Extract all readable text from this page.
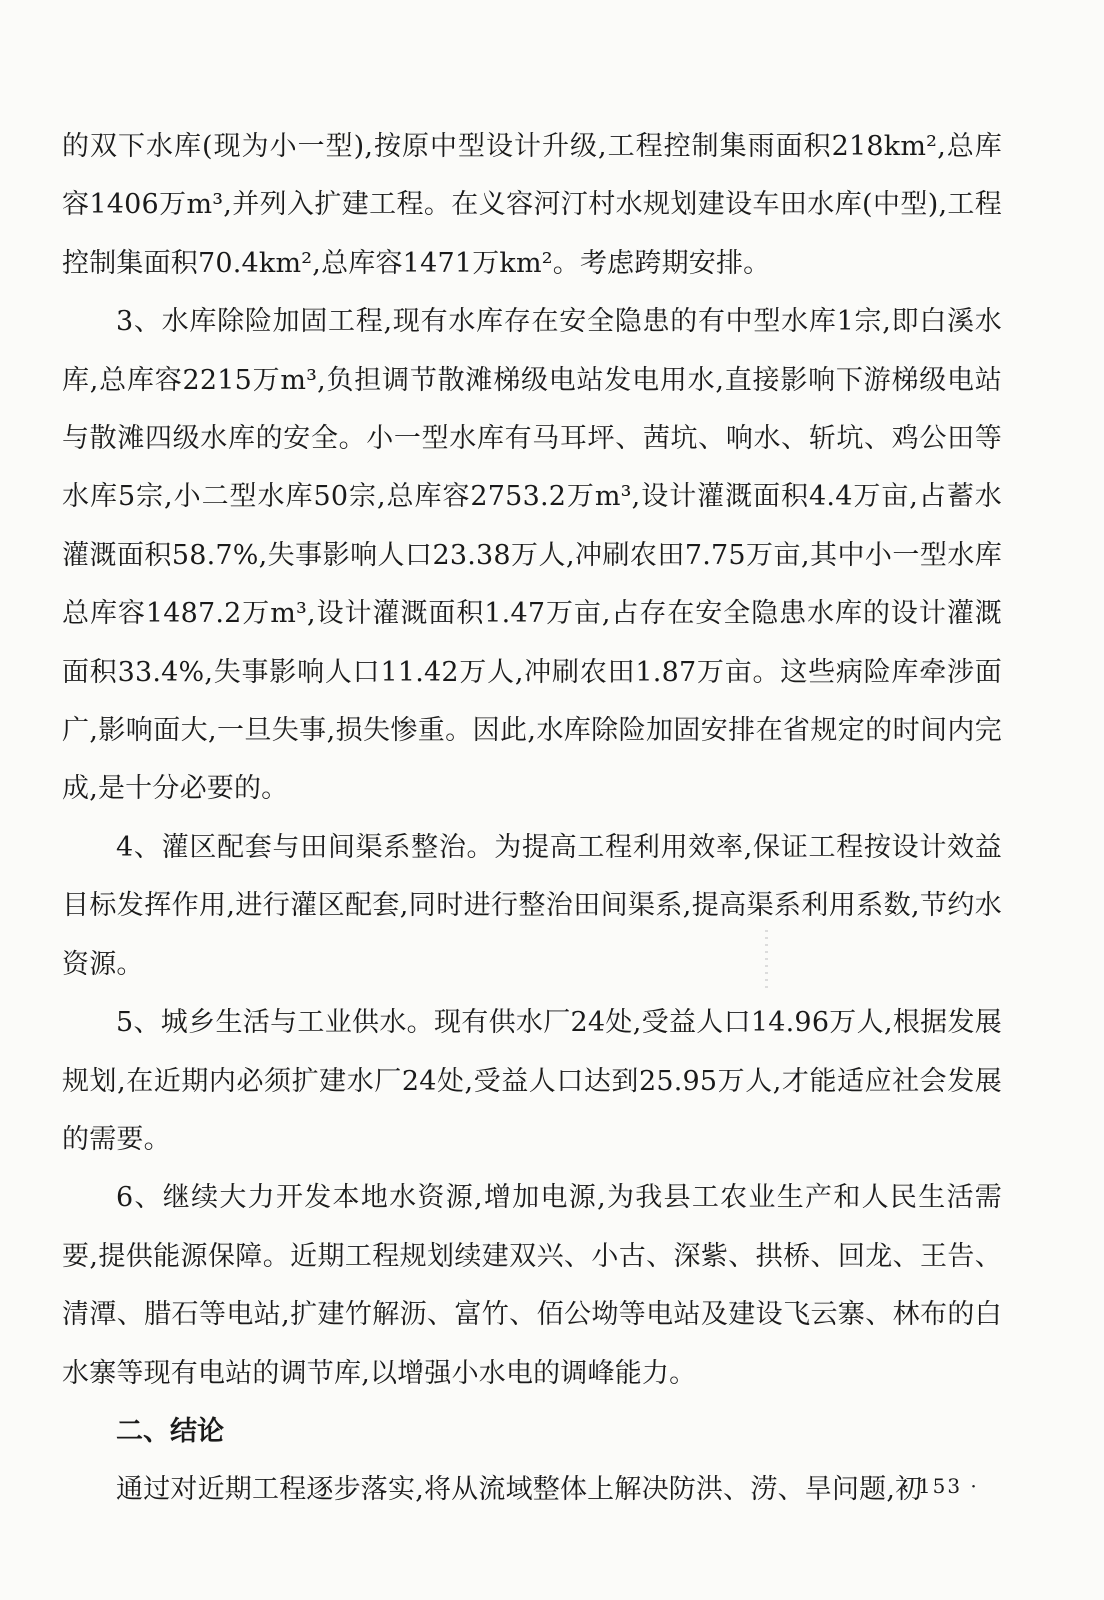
的双下水库(现为小一型),按原中型设计升级,工程控制集雨面积218km²,总库容1406万m³,并列入扩建工程。在义容河汀村水规划建设车田水库(中型),工程控制集面积70.4km²,总库容1471万km²。考虑跨期安排。

3、水库除险加固工程,现有水库存在安全隐患的有中型水库1宗,即白溪水库,总库容2215万m³,负担调节散滩梯级电站发电用水,直接影响下游梯级电站与散滩四级水库的安全。小一型水库有马耳坪、茜坑、响水、斩坑、鸡公田等水库5宗,小二型水库50宗,总库容2753.2万m³,设计灌溉面积4.4万亩,占蓄水灌溉面积58.7%,失事影响人口23.38万人,冲刷农田7.75万亩,其中小一型水库总库容1487.2万m³,设计灌溉面积1.47万亩,占存在安全隐患水库的设计灌溉面积33.4%,失事影响人口11.42万人,冲刷农田1.87万亩。这些病险库牵涉面广,影响面大,一旦失事,损失惨重。因此,水库除险加固安排在省规定的时间内完成,是十分必要的。

4、灌区配套与田间渠系整治。为提高工程利用效率,保证工程按设计效益目标发挥作用,进行灌区配套,同时进行整治田间渠系,提高渠系利用系数,节约水资源。

5、城乡生活与工业供水。现有供水厂24处,受益人口14.96万人,根据发展规划,在近期内必须扩建水厂24处,受益人口达到25.95万人,才能适应社会发展的需要。

6、继续大力开发本地水资源,增加电源,为我县工农业生产和人民生活需要,提供能源保障。近期工程规划续建双兴、小古、深紫、拱桥、回龙、王告、清潭、腊石等电站,扩建竹解沥、富竹、佰公坳等电站及建设飞云寨、林布的白水寨等现有电站的调节库,以增强小水电的调峰能力。

二、结论

通过对近期工程逐步落实,将从流域整体上解决防洪、涝、旱问题,初

· 153 ·
